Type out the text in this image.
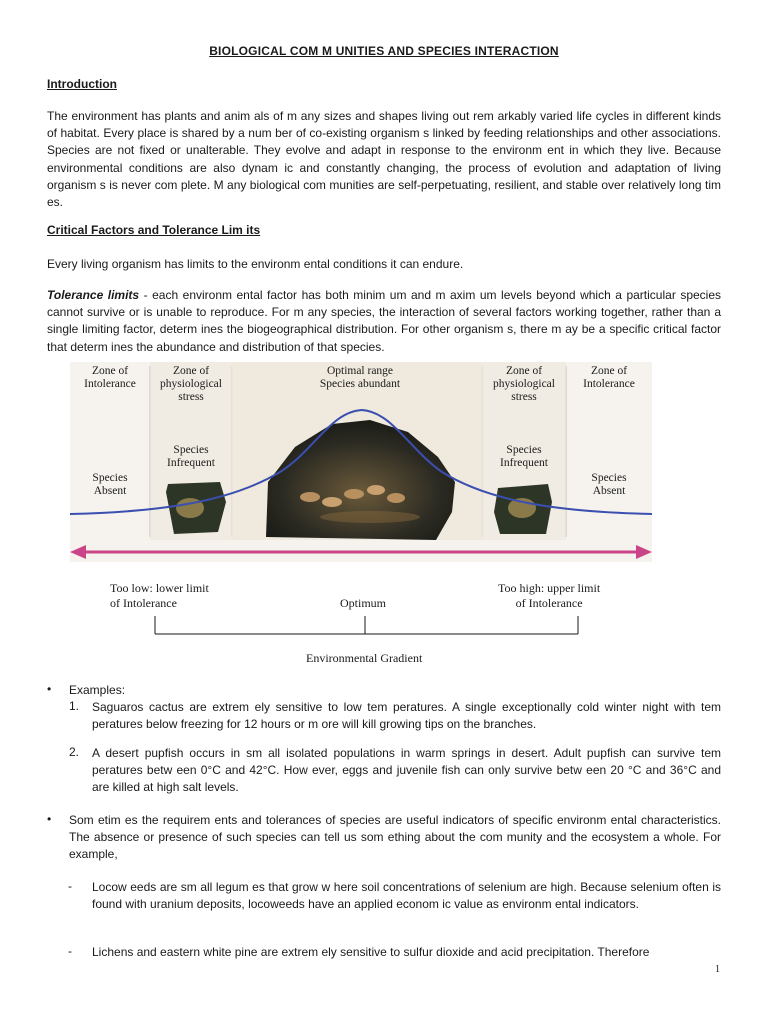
BIOLOGICAL COM M UNITIES AND SPECIES INTERACTION
Introduction
The environment has plants and anim als of m any sizes and shapes living out rem arkably varied life cycles in different kinds of habitat. Every place is shared by a num ber of co-existing organism s linked by feeding relationships and other associations. Species are not fixed or unalterable. They evolve and adapt in response to the environm ent in which they live. Because environmental conditions are also dynam ic and constantly changing, the process of evolution and adaptation of living organism s is never com plete. M any biological com munities are self-perpetuating, resilient, and stable over relatively long tim es.
Critical Factors and Tolerance Lim its
Every living organism has limits to the environm ental conditions it can endure.
Tolerance limits - each environm ental factor has both minim um and m axim um levels beyond which a particular species cannot survive or is unable to reproduce. For m any species, the interaction of several factors working together, rather than a single limiting factor, determ ines the biogeographical distribution. For other organism s, there m ay be a specific critical factor that determ ines the abundance and distribution of that species.
Zone of
Intolerance
Zone of
physiological
stress
Optimal range
Species abundant
Zone of
physiological
stress
Zone of
Intolerance
Species
Absent
Species
Infrequent
Species
Infrequent
Species
Absent
Too low: lower limit
of Intolerance	Optimum
Too high: upper limit
of Intolerance
Environmental Gradient
• Examples:
1. Saguaros cactus are extrem ely sensitive to low tem peratures. A single exceptionally cold winter night with tem peratures below freezing for 12 hours or m ore will kill growing tips on the branches.
2. A desert pupfish occurs in sm all isolated populations in warm springs in desert. Adult pupfish can survive tem peratures betw een 0°C and 42°C. How ever, eggs and juvenile fish can only survive betw een 20 °C and 36°C and are killed at high salt levels.
• Som etim es the requirem ents and tolerances of species are useful indicators of specific environm ental characteristics. The absence or presence of such species can tell us som ething about the com munity and the ecosystem a whole. For example,
- Locow eeds are sm all legum es that grow w here soil concentrations of selenium are high. Because selenium often is found with uranium deposits, locoweeds have an applied econom ic value as environm ental indicators.
- Lichens and eastern white pine are extrem ely sensitive to sulfur dioxide and acid precipitation. Therefore
1
